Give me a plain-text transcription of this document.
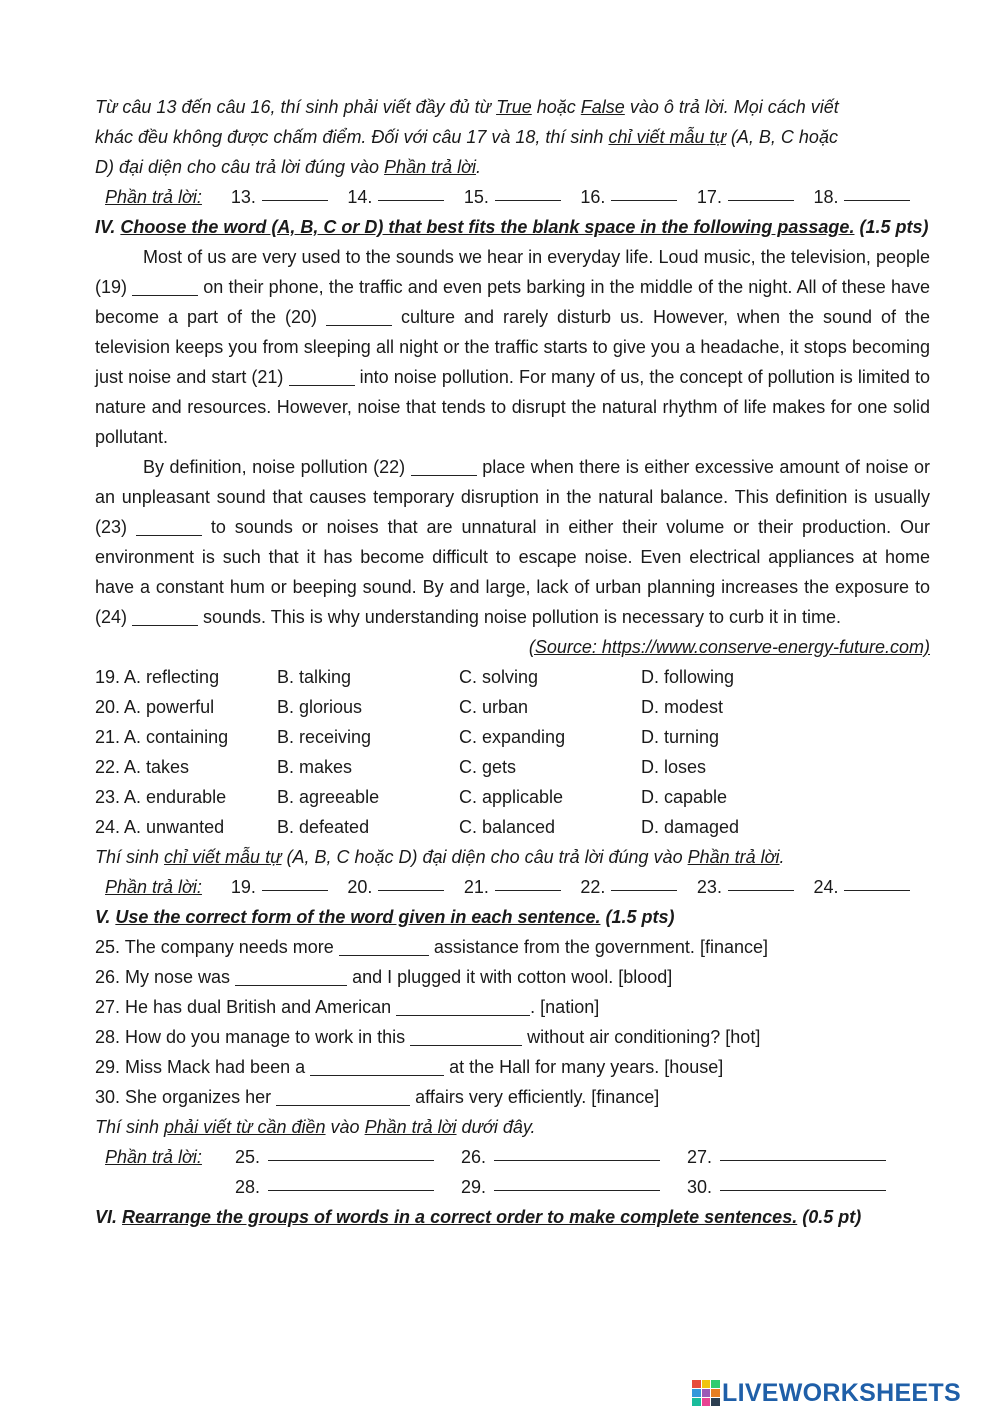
Từ câu 13 đến câu 16, thí sinh phải viết đầy đủ từ True hoặc False vào ô trả lời. Mọi cách viết
khác đều không được chấm điểm. Đối với câu 17 và 18, thí sinh chỉ viết mẫu tự (A, B, C hoặc
D) đại diện cho câu trả lời đúng vào Phần trả lời.
Phần trả lời:	13.	14.	15.	16.	17.	18.
IV. Choose the word (A, B, C or D) that best fits the blank space in the following passage. (1.5 pts)

Most of us are very used to the sounds we hear in everyday life. Loud music, the television, people (19)	on their phone, the traffic and even pets barking in the middle of the night. All of these have become a part of the (20)	culture and rarely disturb us. However, when the sound of the television keeps you from sleeping all night or the traffic starts to give you a headache, it stops becoming just noise and start (21)	into noise pollution. For many of us, the concept of pollution is limited to nature and resources. However, noise that tends to disrupt the natural rhythm of life makes for one solid pollutant.

By definition, noise pollution (22)	place when there is either excessive amount of noise or an unpleasant sound that causes temporary disruption in the natural balance. This definition is usually (23)	to sounds or noises that are unnatural in either their volume or their production. Our environment is such that it has become difficult to escape noise. Even electrical appliances at home have a constant hum or beeping sound. By and large, lack of urban planning increases the exposure to (24)	sounds. This is why understanding noise pollution is necessary to curb it in time.

(Source: https://www.conserve-energy-future.com)
19. A. reflecting	B. talking	C. solving	D. following
20. A. powerful	B. glorious	C. urban	D. modest
21. A. containing	B. receiving	C. expanding	D. turning
22. A. takes	B. makes	C. gets	D. loses
23. A. endurable	B. agreeable	C. applicable	D. capable
24. A. unwanted	B. defeated	C. balanced	D. damaged
Thí sinh chỉ viết mẫu tự (A, B, C hoặc D) đại diện cho câu trả lời đúng vào Phần trả lời.
Phần trả lời:	19.	20.	21.	22.	23.	24.
V. Use the correct form of the word given in each sentence. (1.5 pts)
25. The company needs more	assistance from the government. [finance]
26. My nose was	and I plugged it with cotton wool. [blood]
27. He has dual British and American	. [nation]
28. How do you manage to work in this	without air conditioning? [hot]
29. Miss Mack had been a	at the Hall for many years. [house]
30. She organizes her	affairs very efficiently. [finance]
Thí sinh phải viết từ cần điền vào Phần trả lời dưới đây.
Phần trả lời:	25.	26.	27.
28.	29.	30.
VI. Rearrange the groups of words in a correct order to make complete sentences. (0.5 pt)
LIVEWORKSHEETS
